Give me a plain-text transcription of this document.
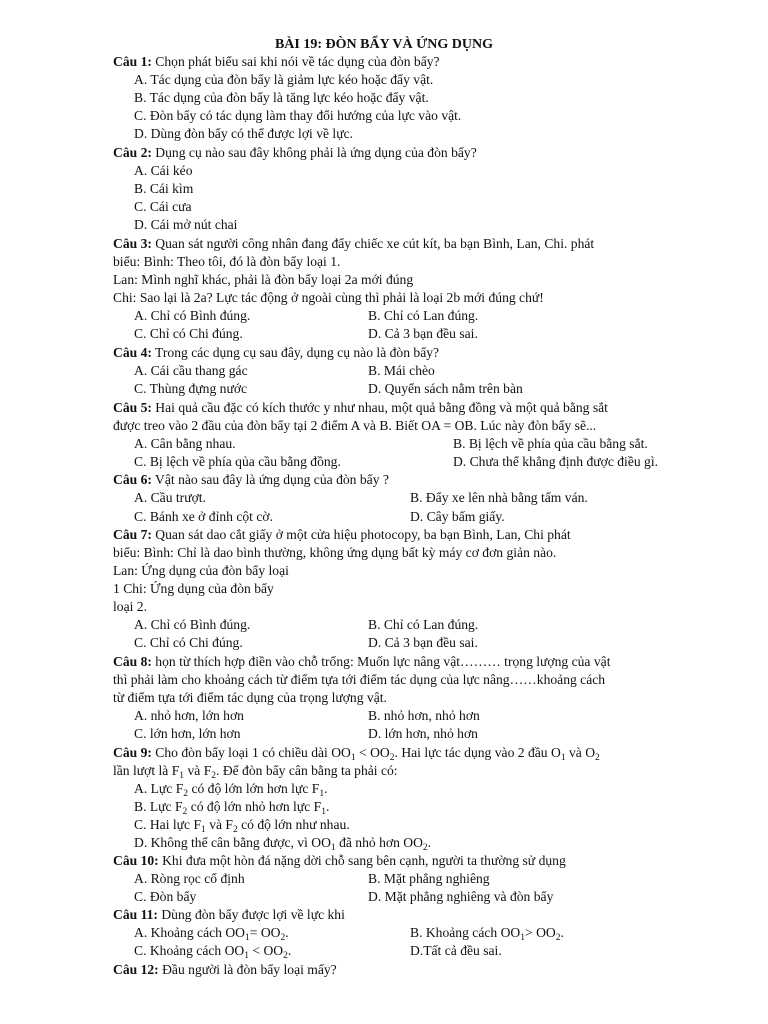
BÀI 19: ĐÒN BẨY VÀ ỨNG DỤNG
Câu 1: Chọn phát biểu sai khi nói về tác dụng của đòn bẩy?
A. Tác dụng của đòn bẩy là giảm lực kéo hoặc đẩy vật.
B. Tác dụng của đòn bẩy là tăng lực kéo hoặc đẩy vật.
C. Đòn bẩy có tác dụng làm thay đổi hướng của lực vào vật.
D. Dùng đòn bẩy có thể được lợi về lực.
Câu 2: Dụng cụ nào sau đây không phải là ứng dụng của đòn bẩy?
A. Cái kéo
B. Cái kìm
C. Cái cưa
D. Cái mở nút chai
Câu 3: Quan sát người công nhân đang đẩy chiếc xe cút kít, ba bạn Bình, Lan, Chi. phát
biểu: Bình: Theo tôi, đó là đòn bẩy loại 1.
Lan: Mình nghĩ khác, phải là đòn bẩy loại 2a mới đúng
Chi: Sao lại là 2a? Lực tác động ở ngoài cùng thì phải là loại 2b mới đúng chứ!
A. Chỉ có Bình đúng.	B. Chỉ có Lan đúng.
C. Chỉ có Chi đúng.	D. Cả 3 bạn đều sai.
Câu 4: Trong các dụng cụ sau đây, dụng cụ nào là đòn bẩy?
A. Cái cầu thang gác	B. Mái chèo
C. Thùng đựng nước	D. Quyển sách nằm trên bàn
Câu 5: Hai quả cầu đặc có kích thước y như nhau, một quả bằng đồng và một quả bằng sắt
được treo vào 2 đầu của đòn bẩy tại 2 điểm A và B. Biết OA = OB. Lúc này đòn bẩy sẽ...
A. Cân bằng nhau.	B. Bị lệch về phía qủa cầu bằng sắt.
C. Bị lệch về phía qủa cầu bằng đồng.	D. Chưa thể khẳng định được điều gì.
Câu 6: Vật nào sau đây là ứng dụng của đòn bẩy ?
A. Cầu trượt.	B. Đẩy xe lên nhà bằng tấm ván.
C. Bánh xe ở đỉnh cột cờ.	D. Cây bấm giấy.
Câu 7: Quan sát dao cắt giấy ở một cửa hiệu photocopy, ba bạn Bình, Lan, Chi phát
biểu: Bình: Chỉ là dao bình thường, không ứng dụng bất kỳ máy cơ đơn giản nào.
Lan: Ứng dụng của đòn bẩy loại
1 Chi: Ứng dụng của đòn bẩy
loại 2.
A. Chỉ có Bình đúng.	B. Chỉ có Lan đúng.
C. Chỉ có Chi đúng.	D. Cả 3 bạn đều sai.
Câu 8: họn từ thích hợp điền vào chỗ trống: Muốn lực nâng vật……… trọng lượng của vật
thì phải làm cho khoảng cách từ điểm tựa tới điểm tác dụng của lực nâng……khoảng cách
từ điểm tựa tới điểm tác dụng của trọng lượng vật.
A. nhỏ hơn, lớn hơn	B. nhỏ hơn, nhỏ hơn
C. lớn hơn, lớn hơn	D. lớn hơn, nhỏ hơn
Câu 9: Cho đòn bẩy loại 1 có chiều dài $OO_1 < OO_2$. Hai lực tác dụng vào 2 đầu $O_1$ và $O_2$
lần lượt là $F_1$ và $F_2$. Để đòn bẩy cân bằng ta phải có:
A. Lực $F_2$ có độ lớn lớn hơn lực $F_1$.
B. Lực $F_2$ có độ lớn nhỏ hơn lực $F_1$.
C. Hai lực $F_1$ và $F_2$ có độ lớn như nhau.
D. Không thể cân bằng được, vì $OO_1$ đã nhỏ hơn $OO_2$.
Câu 10: Khi đưa một hòn đá nặng dời chỗ sang bên cạnh, người ta thường sử dụng
A. Ròng rọc cố định	B. Mặt phẳng nghiêng
C. Đòn bẩy	D. Mặt phẳng nghiêng và đòn bẩy
Câu 11: Dùng đòn bẩy được lợi về lực khi
A. Khoảng cách $OO_1= OO_2$.	B. Khoảng cách $OO_1> OO_2$.
C. Khoảng cách $OO_1 < OO_2$.	D.Tất cả đều sai.
Câu 12: Đầu người là đòn bẩy loại mấy?
